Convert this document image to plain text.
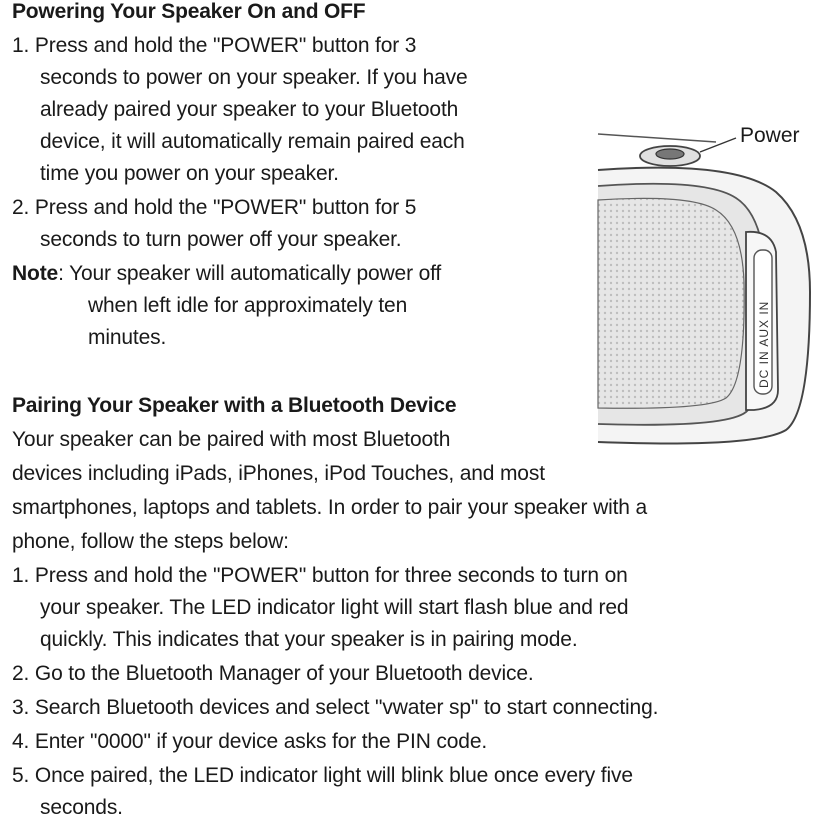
Powering Your Speaker On and OFF
1. Press and hold the "POWER" button for 3
seconds to power on your speaker. If you have
already paired your speaker to your Bluetooth
device, it will automatically remain paired each
time you power on your speaker.
2. Press and hold the "POWER" button for 5
seconds to turn power off your speaker.
Note: Your speaker will automatically power off
when left idle for approximately ten
minutes.	DC IN AUX IN
Power
Pairing Your Speaker with a Bluetooth Device
Your speaker can be paired with most Bluetooth
devices including iPads, iPhones, iPod Touches, and most
smartphones, laptops and tablets. In order to pair your speaker with a
phone, follow the steps below:
1. Press and hold the "POWER" button for three seconds to turn on
your speaker. The LED indicator light will start flash blue and red
quickly. This indicates that your speaker is in pairing mode.
2. Go to the Bluetooth Manager of your Bluetooth device.
3. Search Bluetooth devices and select "vwater sp" to start connecting.
4. Enter "0000" if your device asks for the PIN code.
5. Once paired, the LED indicator light will blink blue once every five
seconds.
